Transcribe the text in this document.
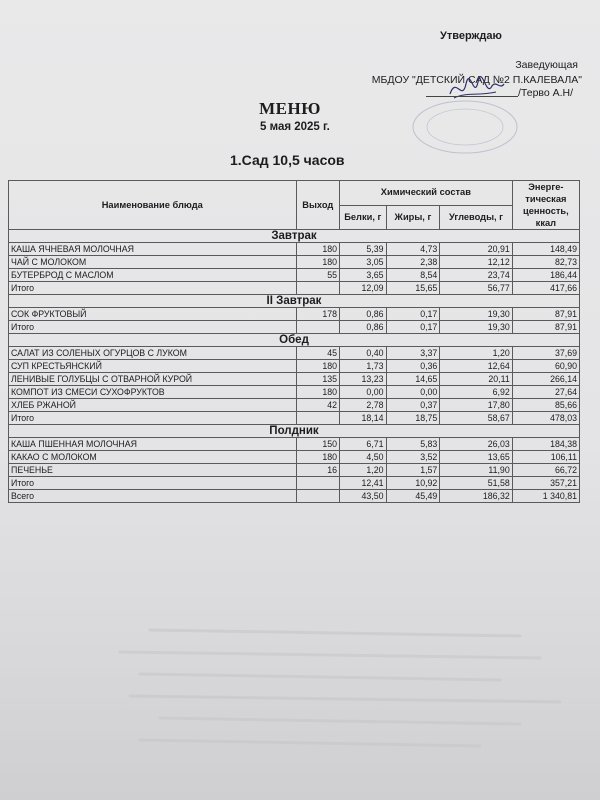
Утверждаю
Заведующая
МБДОУ "ДЕТСКИЙ САД №2 П.КАЛЕВАЛА"
/Терво А.Н/
МЕНЮ
5 мая 2025 г.
1.Сад 10,5 часов
Наименование блюда	Выход	Химический состав			Энерге-тическая ценность, ккал
		Белки, г	Жиры, г	Углеводы, г	
Завтрак					
КАША ЯЧНЕВАЯ МОЛОЧНАЯ	180	5,39	4,73	20,91	148,49
ЧАЙ С МОЛОКОМ	180	3,05	2,38	12,12	82,73
БУТЕРБРОД С МАСЛОМ	55	3,65	8,54	23,74	186,44
Итого		12,09	15,65	56,77	417,66
II Завтрак					
СОК ФРУКТОВЫЙ	178	0,86	0,17	19,30	87,91
Итого		0,86	0,17	19,30	87,91
Обед					
САЛАТ ИЗ СОЛЕНЫХ ОГУРЦОВ С ЛУКОМ	45	0,40	3,37	1,20	37,69
СУП КРЕСТЬЯНСКИЙ	180	1,73	0,36	12,64	60,90
ЛЕНИВЫЕ ГОЛУБЦЫ С ОТВАРНОЙ КУРОЙ	135	13,23	14,65	20,11	266,14
КОМПОТ ИЗ СМЕСИ СУХОФРУКТОВ	180	0,00	0,00	6,92	27,64
ХЛЕБ РЖАНОЙ	42	2,78	0,37	17,80	85,66
Итого		18,14	18,75	58,67	478,03
Полдник					
КАША ПШЕННАЯ МОЛОЧНАЯ	150	6,71	5,83	26,03	184,38
КАКАО С МОЛОКОМ	180	4,50	3,52	13,65	106,11
ПЕЧЕНЬЕ	16	1,20	1,57	11,90	66,72
Итого		12,41	10,92	51,58	357,21
Всего		43,50	45,49	186,32	1 340,81
